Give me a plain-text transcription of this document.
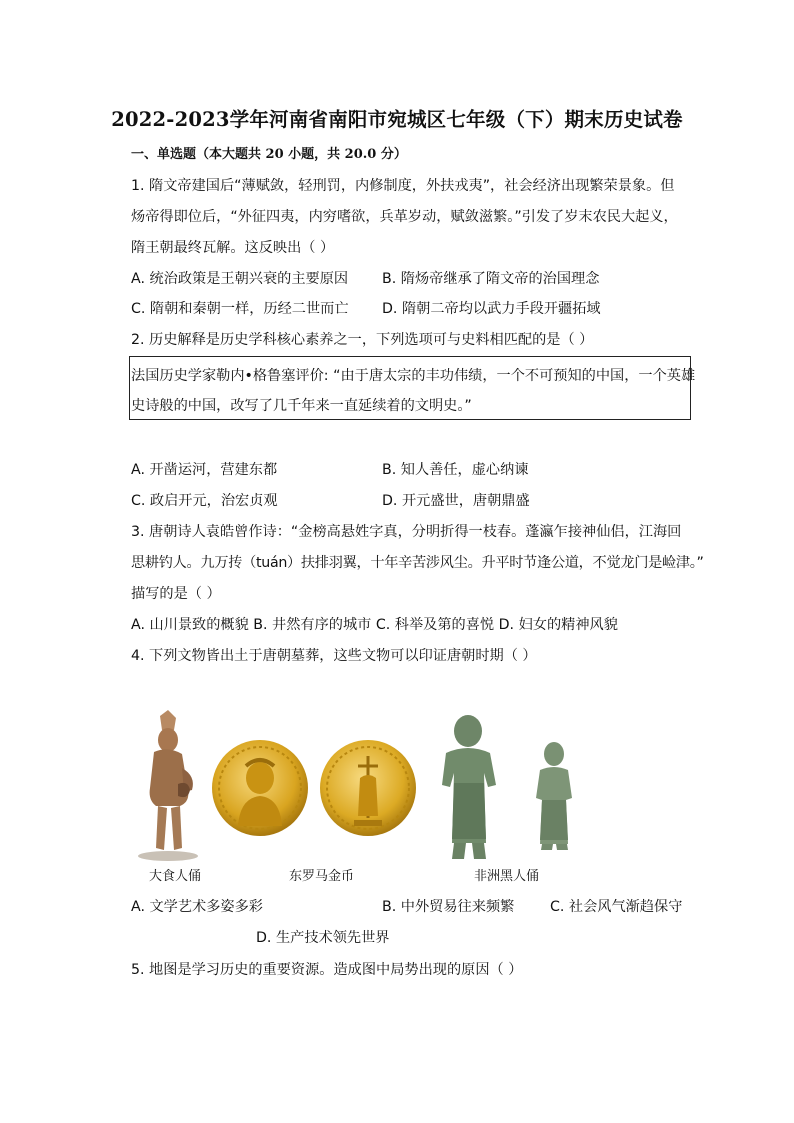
2022-2023学年河南省南阳市宛城区七年级（下）期末历史试卷
一、单选题（本大题共 20 小题，共 20.0 分）
1. 隋文帝建国后“薄赋敛，轻刑罚，内修制度，外扶戎夷”，社会经济出现繁荣景象。但
炀帝得即位后，“外征四夷，内穷嗜欲，兵革岁动，赋敛滋繁。”引发了岁末农民大起义，
隋王朝最终瓦解。这反映出（ ）
A. 统治政策是王朝兴衰的主要原因 B. 隋炀帝继承了隋文帝的治国理念
C. 隋朝和秦朝一样，历经二世而亡 D. 隋朝二帝均以武力手段开疆拓域
2. 历史解释是历史学科核心素养之一，下列选项可与史料相匹配的是（ ）
法国历史学家勒内•格鲁塞评价: “由于唐太宗的丰功伟绩，一个不可预知的中国，一个英雄
史诗般的中国，改写了几千年来一直延续着的文明史。”
A. 开凿运河，营建东都	B. 知人善任，虚心纳谏
C. 政启开元，治宏贞观	D. 开元盛世，唐朝鼎盛
3. 唐朝诗人袁皓曾作诗：“金榜高悬姓字真，分明折得一枝春。蓬瀛乍接神仙侣，江海回
思耕钓人。九万抟（tuán）扶排羽翼，十年辛苦涉风尘。升平时节逢公道，不觉龙门是崄津。”
描写的是（ ）
A. 山川景致的概貌 B. 井然有序的城市 C. 科举及第的喜悦 D. 妇女的精神风貌
4. 下列文物皆出土于唐朝墓葬，这些文物可以印证唐朝时期（ ）
大食人俑	东罗马金币	非洲黑人俑
A. 文学艺术多姿多彩	B. 中外贸易往来频繁	C. 社会风气渐趋保守
D. 生产技术领先世界
5. 地图是学习历史的重要资源。造成图中局势出现的原因（ ）
